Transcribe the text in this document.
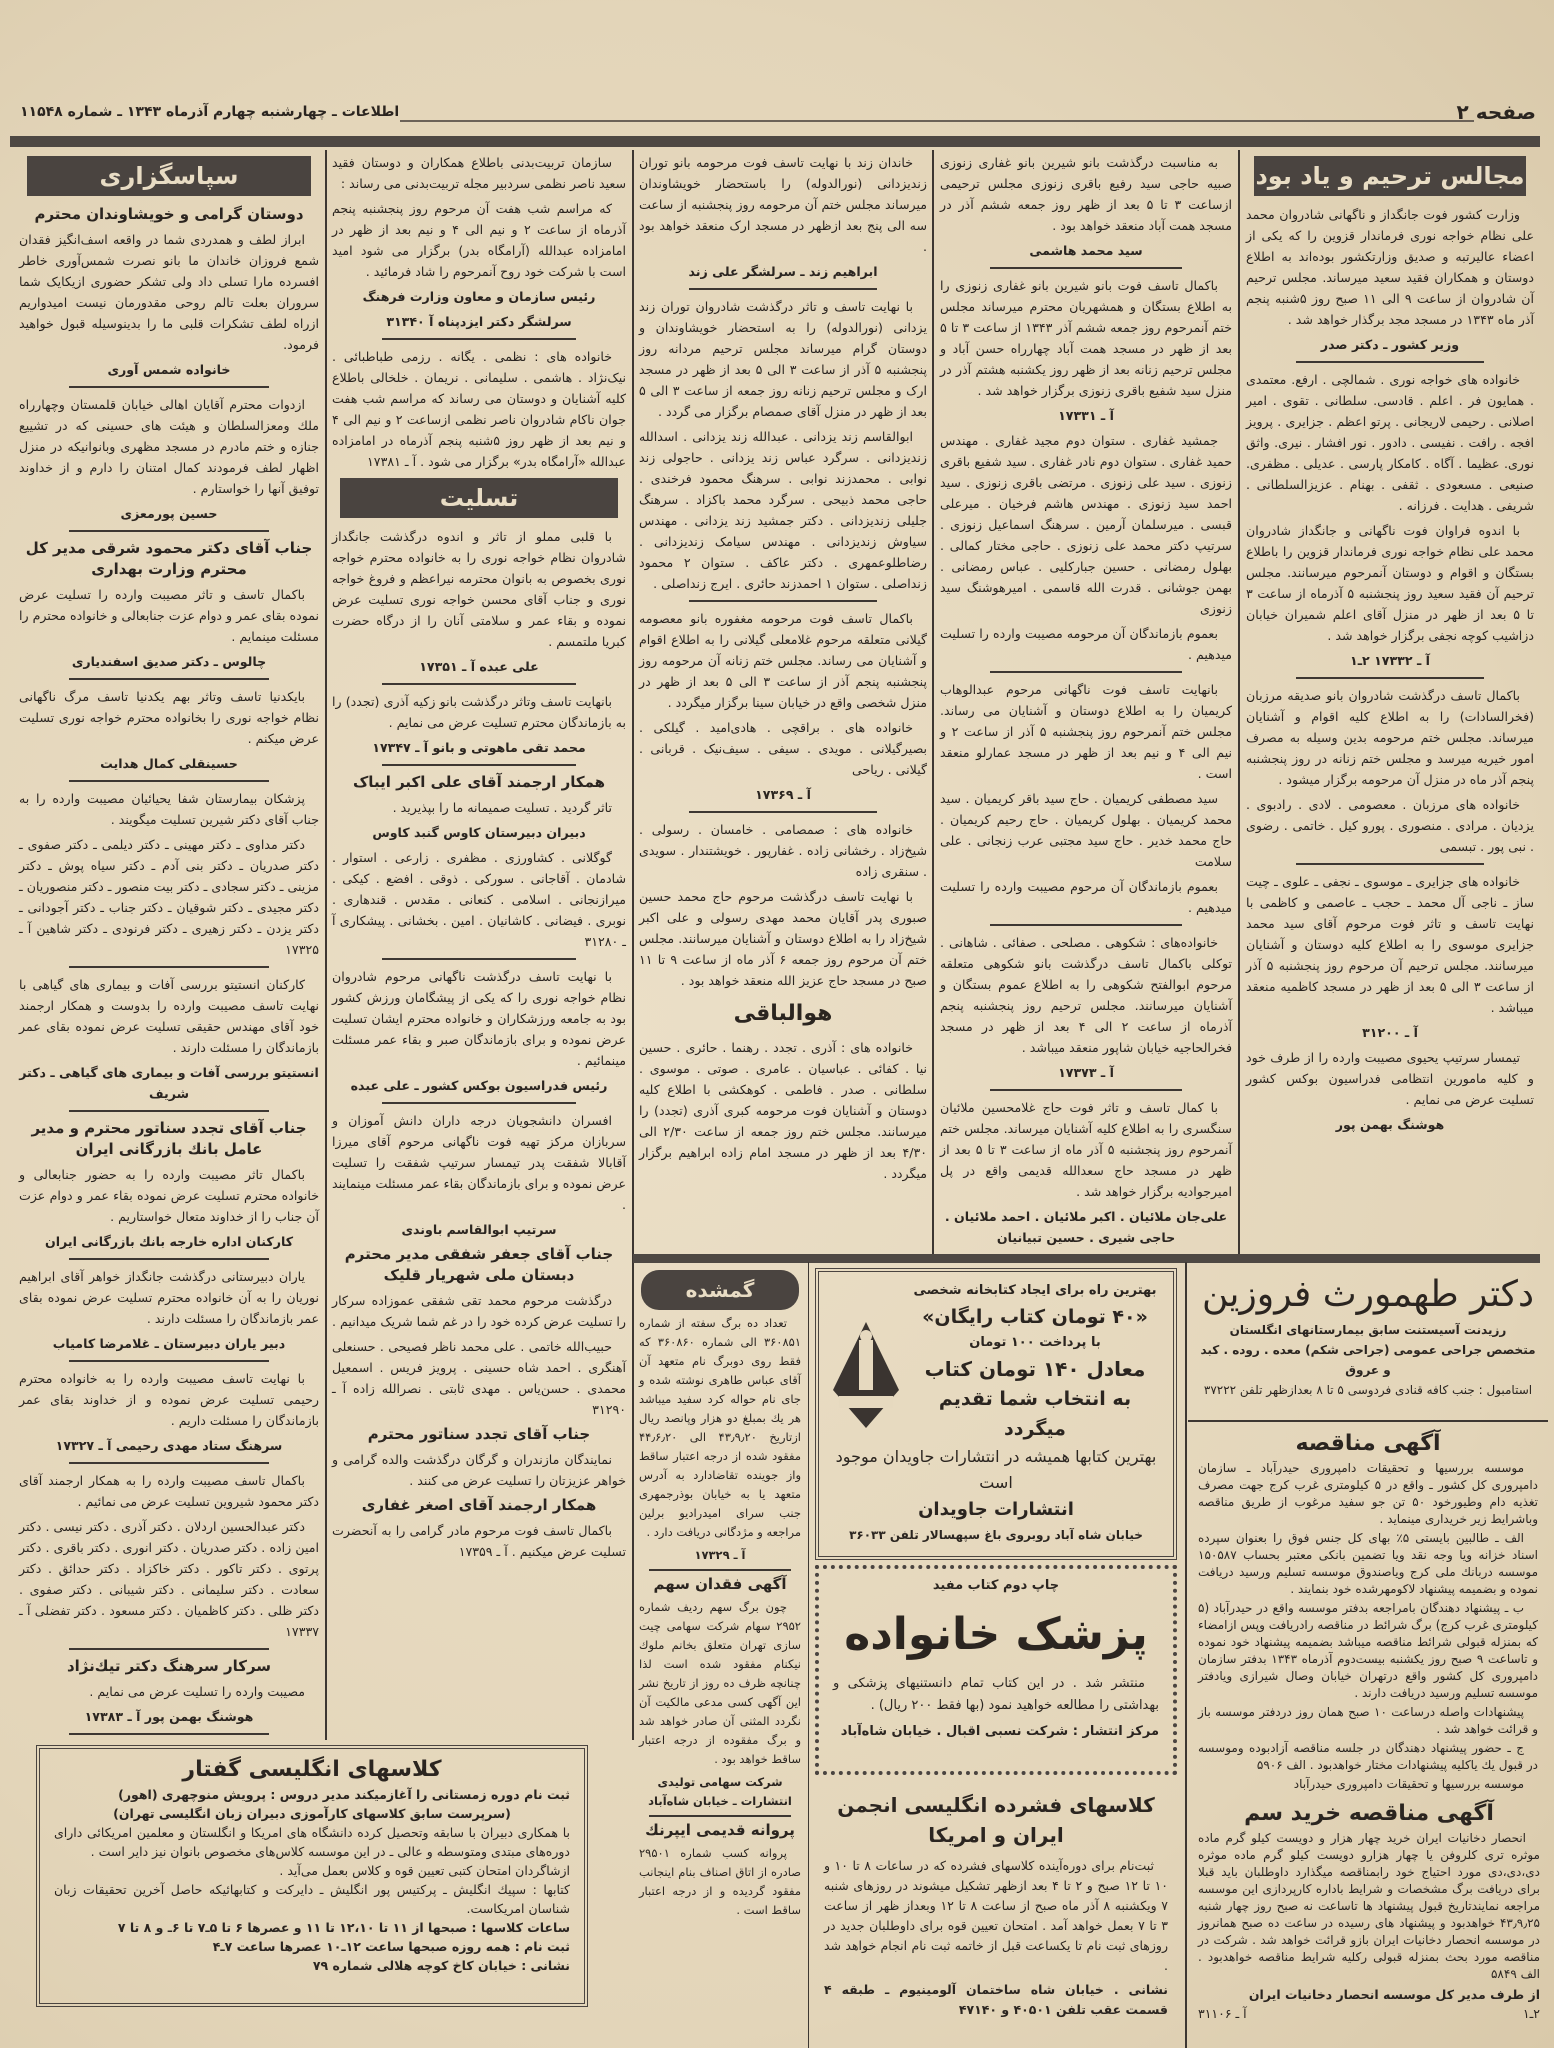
صفحه ۲
اطلاعات ـ چهارشنبه چهارم آذرماه ۱۳۴۳ ـ شماره ۱۱۵۴۸
مجالس ترحیم و یاد بود
وزارت کشور فوت جانگداز و ناگهانی شادروان محمد علی نظام خواجه نوری فرماندار قزوین را که یکی از اعضاء عالیرتبه و صدیق وزارتکشور بوده‌اند به اطلاع دوستان و همکاران فقید سعید میرساند. مجلس ترحیم آن شادروان از ساعت ۹ الی ۱۱ صبح روز ۵شنبه پنجم آذر ماه ۱۳۴۳ در مسجد مجد برگذار خواهد شد .
وزیر کشور ـ دکتر صدر
خانواده های خواجه نوری . شمالچی . ارفع. معتمدی . همایون فر . اعلم . قادسی. سلطانی . تقوی . امیر اصلانی . رحیمی لاریجانی . پرتو اعظم . جزایری . پرویز افجه . رافت . نفیسی . دادور . نور افشار . نیری. واثق نوری. عظیما . آگاه . کامکار پارسی . عدیلی . مظفری. صنیعی . مسعودی . ثقفی . بهنام . عزیزالسلطانی . شریفی . هدایت . فرزانه .
با اندوه فراوان فوت ناگهانی و جانگداز شادروان محمد علی نظام خواجه نوری فرماندار قزوین را باطلاع بستگان و اقوام و دوستان آنمرحوم میرسانند. مجلس ترحیم آن فقید سعید روز پنجشنبه ۵ آذرماه از ساعت ۳ تا ۵ بعد از ظهر در منزل آقای اعلم شمیران خیابان دزاشیب کوچه نجفی برگزار خواهد شد .
آ ـ ۱۷۳۳۲ ۲ـ۱
باکمال تاسف درگذشت شادروان بانو صدیقه مرزبان (فخرالسادات) را به اطلاع کلیه اقوام و آشنایان میرساند. مجلس ختم مرحومه بدین وسیله به مصرف امور خیریه میرسد و مجلس ختم زنانه در روز پنجشنبه پنجم آذر ماه در منزل آن مرحومه برگزار میشود .
خانواده های مرزبان . معصومی . لادی . رادبوی . یزدیان . مرادی . منصوری . پورو کیل . خاتمی . رضوی . نبی پور . تبسمی
خانواده های جزایری ـ موسوی ـ نجفی ـ علوی ـ چیت ساز ـ ناجی آل محمد ـ حجب ـ عاصمی و کاظمی با نهایت تاسف و تاثر فوت مرحوم آقای سید محمد جزایری موسوی را به اطلاع کلیه دوستان و آشنایان میرسانند. مجلس ترحیم آن مرحوم روز پنجشنبه ۵ آذر از ساعت ۳ الی ۵ بعد از ظهر در مسجد کاظمیه منعقد میباشد .
آ ـ ۳۱۲۰۰
تیمسار سرتیپ یحیوی مصیبت وارده را از طرف خود و کلیه مامورین انتظامی فدراسیون بوکس کشور تسلیت عرض می نمایم .
هوشنگ بهمن پور
به مناسبت درگذشت بانو شیرین بانو غفاری زنوزی صبیه حاجی سید رفیع باقری زنوزی مجلس ترحیمی ازساعت ۳ تا ۵ بعد از ظهر روز جمعه ششم آذر در مسجد همت آباد منعقد خواهد بود .
سید محمد هاشمی
باکمال تاسف فوت بانو شیرین بانو غفاری زنوزی را به اطلاع بستگان و همشهریان محترم میرساند مجلس ختم آنمرحوم روز جمعه ششم آذر ۱۳۴۳ از ساعت ۳ تا ۵ بعد از ظهر در مسجد همت آباد چهارراه حسن آباد و مجلس ترحیم زنانه بعد از ظهر روز یکشنبه هشتم آذر در منزل سید شفیع باقری زنوزی برگزار خواهد شد .
آ ـ ۱۷۳۳۱
جمشید غفاری . ستوان دوم مجید غفاری . مهندس حمید غفاری . ستوان دوم نادر غفاری . سید شفیع باقری زنوزی . سید علی زنوزی . مرتضی باقری زنوزی . سید احمد سید زنوزی . مهندس هاشم فرخیان . میرعلی قبسی . میرسلمان آرمین . سرهنگ اسماعیل زنوزی . سرتیپ دکتر محمد علی زنوزی . حاجی مختار کمالی . بهلول رمضانی . حسین جبارکلیی . عباس رمضانی . بهمن جوشانی . قدرت الله قاسمی . امیرهوشنگ سید زنوزی
بعموم بازماندگان آن مرحومه مصیبت وارده را تسلیت میدهیم .
بانهایت تاسف فوت ناگهانی مرحوم عبدالوهاب کریمیان را به اطلاع دوستان و آشنایان می رساند. مجلس ختم آنمرحوم روز پنجشنبه ۵ آذر از ساعت ۲ و نیم الی ۴ و نیم بعد از ظهر در مسجد عمارلو منعقد است .
سید مصطفی کریمیان . حاج سید باقر کریمیان . سید محمد کریمیان . بهلول کریمیان . حاج رحیم کریمیان . حاج محمد خدیر . حاج سید مجتبی عرب زنجانی . علی سلامت
بعموم بازماندگان آن مرحوم مصیبت وارده را تسلیت میدهیم .
خانواده‌های : شکوهی . مصلحی . صفائی . شاهانی . توکلی باکمال تاسف درگذشت بانو شکوهی متعلقه مرحوم ابوالفتح شکوهی را به اطلاع عموم بستگان و آشنایان میرسانند. مجلس ترحیم روز پنجشنبه پنجم آذرماه از ساعت ۲ الی ۴ بعد از ظهر در مسجد فخرالحاجیه خیابان شاپور منعقد میباشد .
آ ـ ۱۷۳۷۳
با کمال تاسف و تاثر فوت حاج غلامحسین ملائیان سنگسری را به اطلاع کلیه آشنایان میرساند. مجلس ختم آنمرحوم روز پنجشنبه ۵ آذر ماه از ساعت ۳ تا ۵ بعد از ظهر در مسجد حاج سعدالله قدیمی واقع در پل امیرجوادیه برگزار خواهد شد .
علی‌جان ملائیان . اکبر ملائیان . احمد ملائیان . حاجی شیری . حسین تبیانیان
خاندان زند با نهایت تاسف فوت مرحومه بانو توران زندیزدانی (نورالدوله) را باستحضار خویشاوندان میرساند مجلس ختم آن مرحومه روز پنجشنبه از ساعت سه الی پنج بعد ازظهر در مسجد ارک منعقد خواهد بود .
ابراهیم زند ـ سرلشگر علی زند
با نهایت تاسف و تاثر درگذشت شادروان توران زند یزدانی (نورالدوله) را به استحضار خویشاوندان و دوستان گرام میرساند مجلس ترحیم مردانه روز پنجشنبه ۵ آذر از ساعت ۳ الی ۵ بعد از ظهر در مسجد ارک و مجلس ترحیم زنانه روز جمعه از ساعت ۳ الی ۵ بعد از ظهر در منزل آقای صمصام برگزار می گردد .
ابوالقاسم زند یزدانی . عبدالله زند یزدانی . اسدالله زندیزدانی . سرگرد عباس زند یزدانی . حاجولی زند نوابی . محمدزند نوابی . سرهنگ محمود فرخندی . حاجی محمد ذبیحی . سرگرد محمد باکزاد . سرهنگ جلیلی زندیزدانی . دکتر جمشید زند یزدانی . مهندس سیاوش زندیزدانی . مهندس سیامک زندیزدانی . رضاطلوعمهری . دکتر عاکف . ستوان ۲ محمود زنداصلی . ستوان ۱ احمدزند حائری . ایرج زنداصلی .
باکمال تاسف فوت مرحومه مغفوره بانو معصومه گیلانی متعلقه مرحوم غلامعلی گیلانی را به اطلاع اقوام و آشنایان می رساند. مجلس ختم زنانه آن مرحومه روز پنجشنبه پنجم آذر از ساعت ۳ الی ۵ بعد از ظهر در منزل شخصی واقع در خیابان سینا برگزار میگردد .
خانواده های . براقچی . هادی‌امید . گیلکی . بصیرگیلانی . مویدی . سیفی . سیف‌نیک . قربانی . گیلانی . ریاحی
آ ـ ۱۷۳۶۹
خانواده های : صمصامی . خامسان . رسولی . شیخ‌زاد . رخشانی زاده . غفارپور . خویشتندار . سویدی . سنقری زاده
با نهایت تاسف درگذشت مرحوم حاج محمد حسین صبوری پدر آقایان محمد مهدی رسولی و علی اکبر شیخ‌زاد را به اطلاع دوستان و آشنایان میرسانند. مجلس ختم آن مرحوم روز جمعه ۶ آذر ماه از ساعت ۹ تا ۱۱ صبح در مسجد حاج عزیز الله منعقد خواهد بود .
هوالباقی
خانواده های : آذری . تجدد . رهنما . حائری . حسین نیا . کفائی . عباسیان . عامری . صوتی . موسوی . سلطانی . صدر . فاطمی . کوهکشی با اطلاع کلیه دوستان و آشنایان فوت مرحومه کبری آذری (تجدد) را میرسانند. مجلس ختم روز جمعه از ساعت ۲/۳۰ الی ۴/۳۰ بعد از ظهر در مسجد امام زاده ابراهیم برگزار میگردد .
سازمان تربیت‌بدنی باطلاع همکاران و دوستان فقید سعید ناصر نظمی سردبیر مجله تربیت‌بدنی می رساند :
که مراسم شب هفت آن مرحوم روز پنجشنبه پنجم آذرماه از ساعت ۲ و نیم الی ۴ و نیم بعد از ظهر در امامزاده عبدالله (آرامگاه بدر) برگزار می شود امید است با شرکت خود روح آنمرحوم را شاد فرمائید .
رئیس سازمان و معاون وزارت فرهنگ
سرلشگر دکتر ایزدپناه آ ۳۱۳۴۰
خانواده های : نظمی . یگانه . رزمی طباطبائی . نیک‌نژاد . هاشمی . سلیمانی . نریمان . خلخالی باطلاع کلیه آشنایان و دوستان می رساند که مراسم شب هفت جوان ناکام شادروان ناصر نظمی ازساعت ۲ و نیم الی ۴ و نیم بعد از ظهر روز ۵شنبه پنجم آذرماه در امامزاده عبدالله «آرامگاه بدر» برگزار می شود . آ ـ ۱۷۳۸۱
تسلیت
با قلبی مملو از تاثر و اندوه درگذشت جانگداز شادروان نظام خواجه نوری را به خانواده محترم خواجه نوری بخصوص به بانوان محترمه نیراعظم و فروغ خواجه نوری و جناب آقای محسن خواجه نوری تسلیت عرض نموده و بقاء عمر و سلامتی آنان را از درگاه حضرت کبریا ملتمسم .
علی عبده آ ـ ۱۷۳۵۱
بانهایت تاسف وتاثر درگذشت بانو زکیه آذری (تجدد) را به بازماندگان محترم تسلیت عرض می نمایم .
محمد تقی ماهوتی و بانو آ ـ ۱۷۳۴۷
همکار ارجمند آقای علی اکبر ایباک
تاثر گردید . تسلیت صمیمانه ما را بپذیرید .
دبیران دبیرستان کاوس گنبد کاوس
گوگلانی . کشاورزی . مظفری . زارعی . استوار . شادمان . آقاجانی . سورکی . ذوقی . افضع . کیکی . میرازنجانی . اسلامی . کنعانی . مقدس . قندهاری . نوبری . فیضانی . کاشانیان . امین . بخشانی . پیشکاری آ ـ ۳۱۲۸۰
با نهایت تاسف درگذشت ناگهانی مرحوم شادروان نظام خواجه نوری را که یکی از پیشگامان ورزش کشور بود به جامعه ورزشکاران و خانواده محترم ایشان تسلیت عرض نموده و برای بازماندگان صبر و بقاء عمر مسئلت مینمائیم .
رئیس فدراسیون بوکس کشور ـ علی عبده
افسران دانشجویان درجه داران دانش آموزان و سربازان مرکز تهیه فوت ناگهانی مرحوم آقای میرزا آقابالا شفقت پدر تیمسار سرتیپ شفقت را تسلیت عرض نموده و برای بازماندگان بقاء عمر مسئلت مینمایند .
سرتیپ ابوالقاسم باوندی
جناب آقای جعفر شفقی مدیر محترم دبستان ملی شهریار قلیک
درگذشت مرحوم محمد تقی شفقی عموزاده سرکار را تسلیت عرض کرده خود را در غم شما شریک میدانیم .
حبیب‌الله خاتمی . علی محمد ناظر فصیحی . حسنعلی آهنگری . احمد شاه حسینی . پرویز فریس . اسمعیل محمدی . حسن‌یاس . مهدی ثابتی . نصرالله زاده آ ـ ۳۱۲۹۰
جناب آقای تجدد سناتور محترم
نمایندگان مازندران و گرگان درگذشت والده گرامی و خواهر عزیزتان را تسلیت عرض می کنند .
همکار ارجمند آقای اصغر غفاری
باکمال تاسف فوت مرحوم مادر گرامی را به آنحضرت تسلیت عرض میکنیم . آ ـ ۱۷۳۵۹
سپاسگزاری
دوستان گرامی و خویشاوندان محترم
ابراز لطف و همدردی شما در واقعه اسف‌انگیز فقدان شمع فروزان خاندان ما بانو نصرت شمس‌آوری خاطر افسرده مارا تسلی داد ولی تشکر حضوری ازیکایک شما سروران بعلت تالم روحی مقدورمان نیست امیدواریم ازراه لطف تشکرات قلبی ما را بدینوسیله قبول خواهید فرمود.
خانواده شمس آوری
ازدوات محترم آقایان اهالی خیابان قلمستان وچهارراه ملك ومعزالسلطان و هیئت های حسینی که در تشییع جنازه و ختم مادرم در مسجد مظهری وبانوانیکه در منزل اظهار لطف فرمودند کمال امتنان را دارم و از خداوند توفیق آنها را خواستارم .
حسین پورمعزی
جناب آقای دکتر محمود شرقی مدیر کل محترم وزارت بهداری
باکمال تاسف و تاثر مصیبت وارده را تسلیت عرض نموده بقای عمر و دوام عزت جنابعالی و خانواده محترم را مسئلت مینمایم .
چالوس ـ دکتر صدیق اسفندیاری
بایکدنیا تاسف وتاثر بهم یکدنیا تاسف مرگ ناگهانی نظام خواجه نوری را بخانواده محترم خواجه نوری تسلیت عرض میکنم .
حسینقلی کمال هدایت
پزشکان بیمارستان شفا یحیائیان مصیبت وارده را به جناب آقای دکتر شیرین تسلیت میگویند .
دکتر مداوی ـ دکتر مهینی ـ دکتر دیلمی ـ دکتر صفوی ـ دکتر صدریان ـ دکتر بنی آدم ـ دکتر سیاه پوش ـ دکتر مزینی ـ دکتر سجادی ـ دکتر بیت منصور ـ دکتر منصوریان ـ دکتر مجیدی ـ دکتر شوقیان ـ دکتر جناب ـ دکتر آجودانی ـ دکتر یزدن ـ دکتر زهیری ـ دکتر فرنودی ـ دکتر شاهین آ ـ ۱۷۳۲۵
کارکنان انستیتو بررسی آفات و بیماری های گیاهی با نهایت تاسف مصیبت وارده را بدوست و همکار ارجمند خود آقای مهندس حقیقی تسلیت عرض نموده بقای عمر بازماندگان را مسئلت دارند .
انستیتو بررسی آفات و بیماری های گیاهی ـ دکتر شریف
جناب آقای تجدد سناتور محترم و مدیر عامل بانك بازرگانی ایران
باکمال تاثر مصیبت وارده را به حضور جنابعالی و خانواده محترم تسلیت عرض نموده بقاء عمر و دوام عزت آن جناب را از خداوند متعال خواستاریم .
کارکنان اداره خارجه بانك بازرگانی ایران
یاران دبیرستانی درگذشت جانگداز خواهر آقای ابراهیم نوریان را به آن خانواده محترم تسلیت عرض نموده بقای عمر بازماندگان را مسئلت دارند .
دبیر یاران دبیرستان ـ غلامرضا کامیاب
با نهایت تاسف مصیبت وارده را به خانواده محترم رحیمی تسلیت عرض نموده و از خداوند بقای عمر بازماندگان را مسئلت داریم .
سرهنگ ستاد مهدی رحیمی آ ـ ۱۷۳۲۷
باکمال تاسف مصیبت وارده را به همکار ارجمند آقای دکتر محمود شیروین تسلیت عرض می نمائیم .
دکتر عبدالحسین اردلان . دکتر آذری . دکتر نیسی . دکتر امین زاده . دکتر صدریان . دکتر انوری . دکتر باقری . دکتر پرتوی . دکتر تاکور . دکتر خاکزاد . دکتر حدائق . دکتر سعادت . دکتر سلیمانی . دکتر شیبانی . دکتر صفوی . دکتر ظلی . دکتر کاظمیان . دکتر مسعود . دکتر تفضلی آ ـ ۱۷۳۳۷
سرکار سرهنگ دکتر تیك‌نژاد
مصیبت وارده را تسلیت عرض می نمایم .
هوشنگ بهمن پور آ ـ ۱۷۳۸۳
دکتر طهمورث فروزین
رزیدنت آسیستنت سابق بیمارستانهای انگلستان
متخصص جراحی عمومی (جراحی شکم) معده . روده . کبد و عروق
استامبول : جنب کافه قنادی فردوسی ۵ تا ۸ بعدازظهر تلفن ۳۷۲۲۲
آگهی مناقصه
موسسه بررسیها و تحقیقات دامپروری حیدرآباد ـ سازمان دامپروری کل کشور ـ واقع در ۵ کیلومتری غرب کرج جهت مصرف تغذیه دام وطیورخود ۵۰ تن جو سفید مرغوب از طریق مناقصه وباشرایط زیر خریداری مینماید .
الف ـ طالبین بایستی ۵٪ بهای کل جنس فوق را بعنوان سپرده اسناد خزانه ویا وجه نقد ویا تضمین بانکی معتبر بحساب ۱۵۰۵۸۷ موسسه دربانك ملی کرج ویاصندوق موسسه تسلیم ورسید دریافت نموده و بضمیمه پیشنهاد لاکومهرشده خود بنمایند .
ب ـ پیشنهاد دهندگان بامراجعه بدفتر موسسه واقع در حیدرآباد (۵ کیلومتری غرب کرج) برگ شرائط در مناقصه رادریافت وپس ازامضاء که بمنزله قبولی شرائط مناقصه میباشد بضمیمه پیشنهاد خود نموده و تاساعت ۹ صبح روز یکشنبه بیست‌دوم آذرماه ۱۳۴۳ بدفتر سازمان دامپروری کل کشور واقع درتهران خیابان وصال شیرازی ویادفتر موسسه تسلیم ورسید دریافت دارند .
پیشنهادات واصله درساعت ۱۰ صبح همان روز دردفتر موسسه باز و قرائت خواهد شد .
ج ـ حضور پیشنهاد دهندگان در جلسه مناقصه آزادبوده وموسسه در قبول یك یاکلیه پیشنهادات مختار خواهدبود . الف ۵۹۰۶
موسسه بررسیها و تحقیقات دامپروری حیدرآباد
آگهی مناقصه خرید سم
انحصار دخانیات ایران خرید چهار هزار و دویست کیلو گرم ماده موثره تری کلروفن یا چهار هزارو دویست کیلو گرم ماده موثره دی،دی،دی مورد احتیاج خود رابمناقصه میگذارد داوطلبان باید قبلا برای دریافت برگ مشخصات و شرایط باداره کارپردازی این موسسه مراجعه نمایندتاریخ قبول پیشنهاد ها تاساعت نه صبح روز چهار شنبه ۴۳٫۹٫۲۵ خواهدبود و پیشنهاد های رسیده در ساعت ده صبح همانروز در موسسه انحصار دخانیات ایران بازو قرائت خواهد شد . شرکت در مناقصه مورد بحث بمنزله قبولی رکلیه شرایط مناقصه خواهدبود . الف ۵۸۴۹
از طرف مدیر کل موسسه انحصار دخانیات ایران
۲ـ۱
آ ـ ۳۱۱۰۶
بهترین راه برای ایجاد کتابخانه شخصی
«۴۰ تومان کتاب رایگان»
با پرداخت ۱۰۰ تومان
معادل ۱۴۰ تومان کتاب
به انتخاب شما تقدیم میگردد
بهترین کتابها همیشه در انتشارات جاویدان موجود است
انتشارات جاویدان
خیابان شاه آباد روبروی باغ سپهسالار تلفن ۳۶۰۳۳
چاپ دوم کتاب مفید
پزشک خانواده
منتشر شد . در این کتاب تمام دانستنیهای پزشکی و بهداشتی را مطالعه خواهید نمود (بها فقط ۲۰۰ ریال) .
مرکز انتشار : شرکت نسبی اقبال . خیابان شاه‌آباد
کلاسهای فشرده انگلیسی انجمن ایران و امریکا
ثبت‌نام برای دوره‌آینده کلاسهای فشرده که در ساعات ۸ تا ۱۰ و ۱۰ تا ۱۲ صبح و ۲ تا ۴ بعد ازظهر تشکیل میشوند در روزهای شنبه ۷ ویکشنبه ۸ آذر ماه صبح از ساعت ۸ تا ۱۲ وبعداز ظهر از ساعت ۳ تا ۷ بعمل خواهد آمد . امتحان تعیین قوه برای داوطلبان جدید در روزهای ثبت نام تا یکساعت قبل از خاتمه ثبت نام انجام خواهد شد .
نشانی . خیابان شاه ساختمان آلومینیوم ـ طبقه ۴ قسمت عقب تلفن ۴۰۵۰۱ و ۴۷۱۴۰
گمشده
تعداد ده برگ سفته از شماره ۳۶۰۸۵۱ الی شماره ۳۶۰۸۶۰ که فقط روی دوبرگ نام متعهد آن آقای عباس طاهری نوشته شده و جای نام حواله کرد سفید میباشد هر یك بمبلغ دو هزار وپانصد ریال ازتاریخ ۴۳٫۹٫۲۰ الی ۴۴٫۶٫۲۰ مفقود شده از درجه اعتبار ساقط واز جوینده تقاضادارد به آدرس متعهد یا به خیابان بوذرجمهری جنب سرای امیدرادیو برلین مراجعه و مژدگانی دریافت دارد .
آ ـ ۱۷۳۲۹
آگهی فقدان سهم
چون برگ سهم ردیف شماره ۲۹۵۲ سهام شرکت سهامی چیت سازی تهران متعلق بخانم ملوك نیکنام مفقود شده است لذا چنانچه ظرف ده روز از تاریخ نشر این آگهی کسی مدعی مالکیت آن نگردد المثنی آن صادر خواهد شد و برگ مفقوده از درجه اعتبار ساقط خواهد بود .
شرکت سهامی تولیدی انتشارات ـ خیابان شاه‌آباد
پروانه قدیمی ایپرنك
پروانه کسب شماره ۲۹۵۰۱ صادره از اتاق اصناف بنام اینجانب مفقود گردیده و از درجه اعتبار ساقط است .
کلاسهای انگلیسی گفتار
ثبت نام دوره زمستانی را آغازمیکند مدیر دروس : پرویش منوچهری (اهور)
(سرپرست سابق کلاسهای کارآموزی دبیران زبان انگلیسی تهران)
با همکاری دبیران با سابقه وتحصیل کرده دانشگاه های امریکا و انگلستان و معلمین امریکائی دارای دوره‌های مبتدی ومتوسطه و عالی ـ در این موسسه کلاس‌های مخصوص بانوان نیز دایر است .
ازشاگردان امتحان کتبی تعیین قوه و کلاس بعمل می‌آید .
کتابها : سپیك انگلیش ـ پرکتیس پور انگلیش ـ دایرکت و کتابهائیکه حاصل آخرین تحقیقات زبان شناسان امریکاست.
ساعات کلاسها : صبحها از ۱۱ تا ۱۲،۱۰ تا ۱۱ و عصرها ۶ تا ۵ـ۷ تا ۶ـ و ۸ تا ۷
ثبت نام : همه روزه صبحها ساعت ۱۲ـ۱۰ عصرها ساعت ۷ـ۴
نشانی : خیابان کاخ کوچه هلالی شماره ۷۹
